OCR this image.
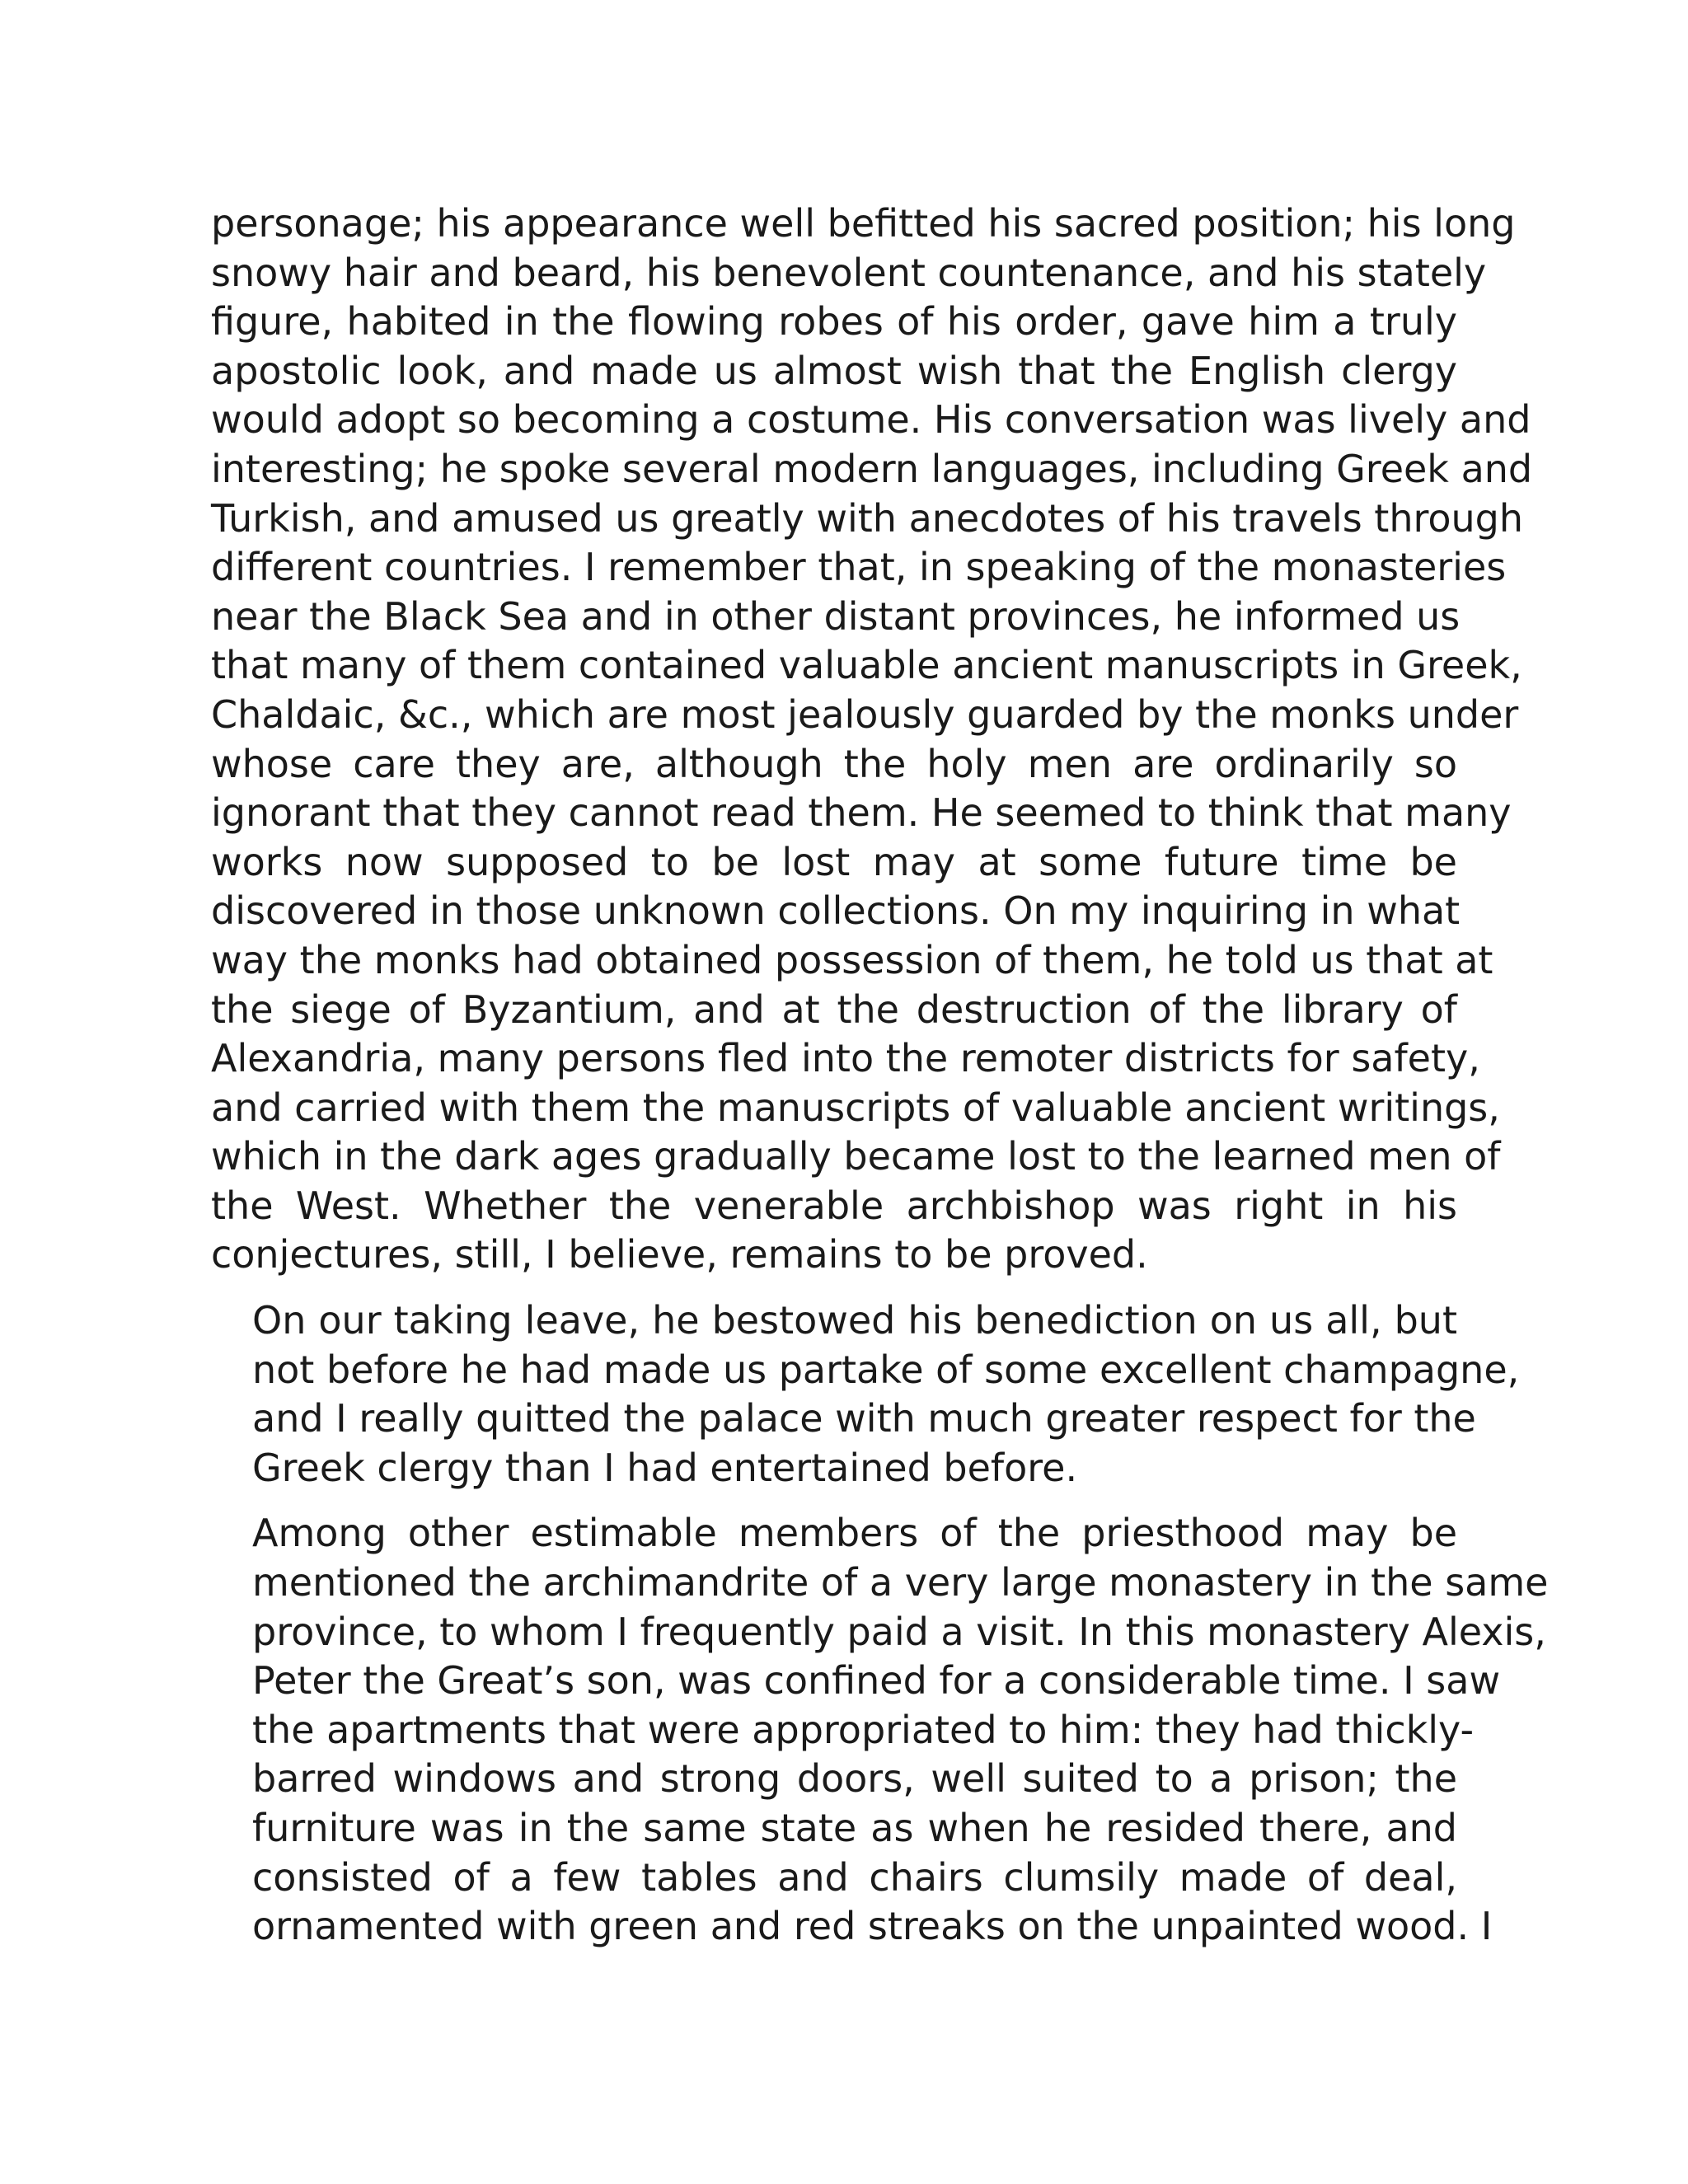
personage; his appearance well befitted his sacred position; his long
snowy hair and beard, his benevolent countenance, and his stately
figure, habited in the flowing robes of his order, gave him a truly
apostolic look, and made us almost wish that the English clergy
would adopt so becoming a costume. His conversation was lively and
interesting; he spoke several modern languages, including Greek and
Turkish, and amused us greatly with anecdotes of his travels through
different countries. I remember that, in speaking of the monasteries
near the Black Sea and in other distant provinces, he informed us
that many of them contained valuable ancient manuscripts in Greek,
Chaldaic, &c., which are most jealously guarded by the monks under
whose care they are, although the holy men are ordinarily so
ignorant that they cannot read them. He seemed to think that many
works now supposed to be lost may at some future time be
discovered in those unknown collections. On my inquiring in what
way the monks had obtained possession of them, he told us that at
the siege of Byzantium, and at the destruction of the library of
Alexandria, many persons fled into the remoter districts for safety,
and carried with them the manuscripts of valuable ancient writings,
which in the dark ages gradually became lost to the learned men of
the West. Whether the venerable archbishop was right in his
conjectures, still, I believe, remains to be proved.
On our taking leave, he bestowed his benediction on us all, but
not before he had made us partake of some excellent champagne,
and I really quitted the palace with much greater respect for the
Greek clergy than I had entertained before.
Among other estimable members of the priesthood may be
mentioned the archimandrite of a very large monastery in the same
province, to whom I frequently paid a visit. In this monastery Alexis,
Peter the Great’s son, was confined for a considerable time. I saw
the apartments that were appropriated to him: they had thickly-
barred windows and strong doors, well suited to a prison; the
furniture was in the same state as when he resided there, and
consisted of a few tables and chairs clumsily made of deal,
ornamented with green and red streaks on the unpainted wood. I
